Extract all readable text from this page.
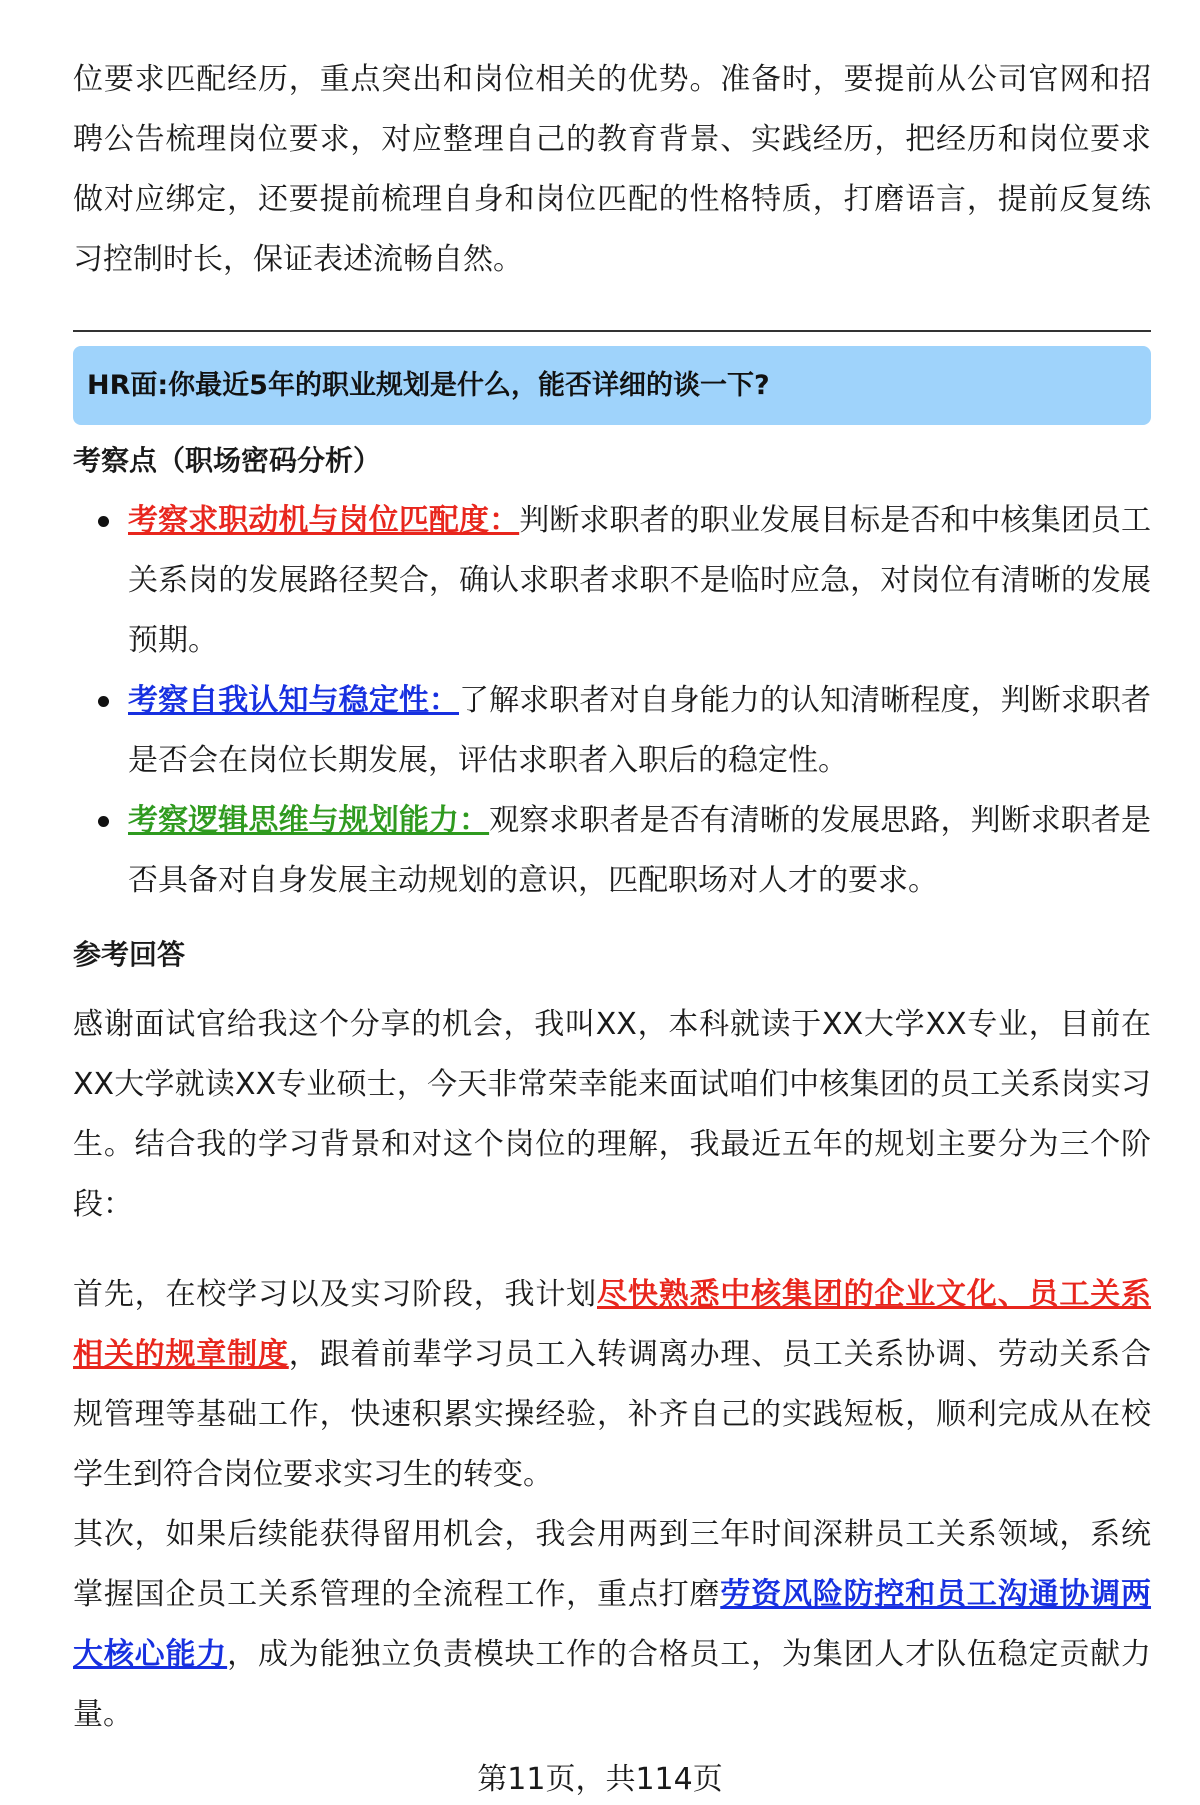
位要求匹配经历，重点突出和岗位相关的优势。准备时，要提前从公司官网和招聘公告梳理岗位要求，对应整理自己的教育背景、实践经历，把经历和岗位要求做对应绑定，还要提前梳理自身和岗位匹配的性格特质，打磨语言，提前反复练习控制时长，保证表述流畅自然。

HR面:你最近5年的职业规划是什么，能否详细的谈一下?
考察点（职场密码分析）
考察求职动机与岗位匹配度：判断求职者的职业发展目标是否和中核集团员工关系岗的发展路径契合，确认求职者求职不是临时应急，对岗位有清晰的发展预期。
考察自我认知与稳定性：了解求职者对自身能力的认知清晰程度，判断求职者是否会在岗位长期发展，评估求职者入职后的稳定性。
考察逻辑思维与规划能力：观察求职者是否有清晰的发展思路，判断求职者是否具备对自身发展主动规划的意识，匹配职场对人才的要求。
参考回答

感谢面试官给我这个分享的机会，我叫XX，本科就读于XX大学XX专业，目前在XX大学就读XX专业硕士，今天非常荣幸能来面试咱们中核集团的员工关系岗实习生。结合我的学习背景和对这个岗位的理解，我最近五年的规划主要分为三个阶段：

首先，在校学习以及实习阶段，我计划尽快熟悉中核集团的企业文化、员工关系相关的规章制度，跟着前辈学习员工入转调离办理、员工关系协调、劳动关系合规管理等基础工作，快速积累实操经验，补齐自己的实践短板，顺利完成从在校学生到符合岗位要求实习生的转变。

其次，如果后续能获得留用机会，我会用两到三年时间深耕员工关系领域，系统掌握国企员工关系管理的全流程工作，重点打磨劳资风险防控和员工沟通协调两大核心能力，成为能独立负责模块工作的合格员工，为集团人才队伍稳定贡献力量。

第11页，共114页
